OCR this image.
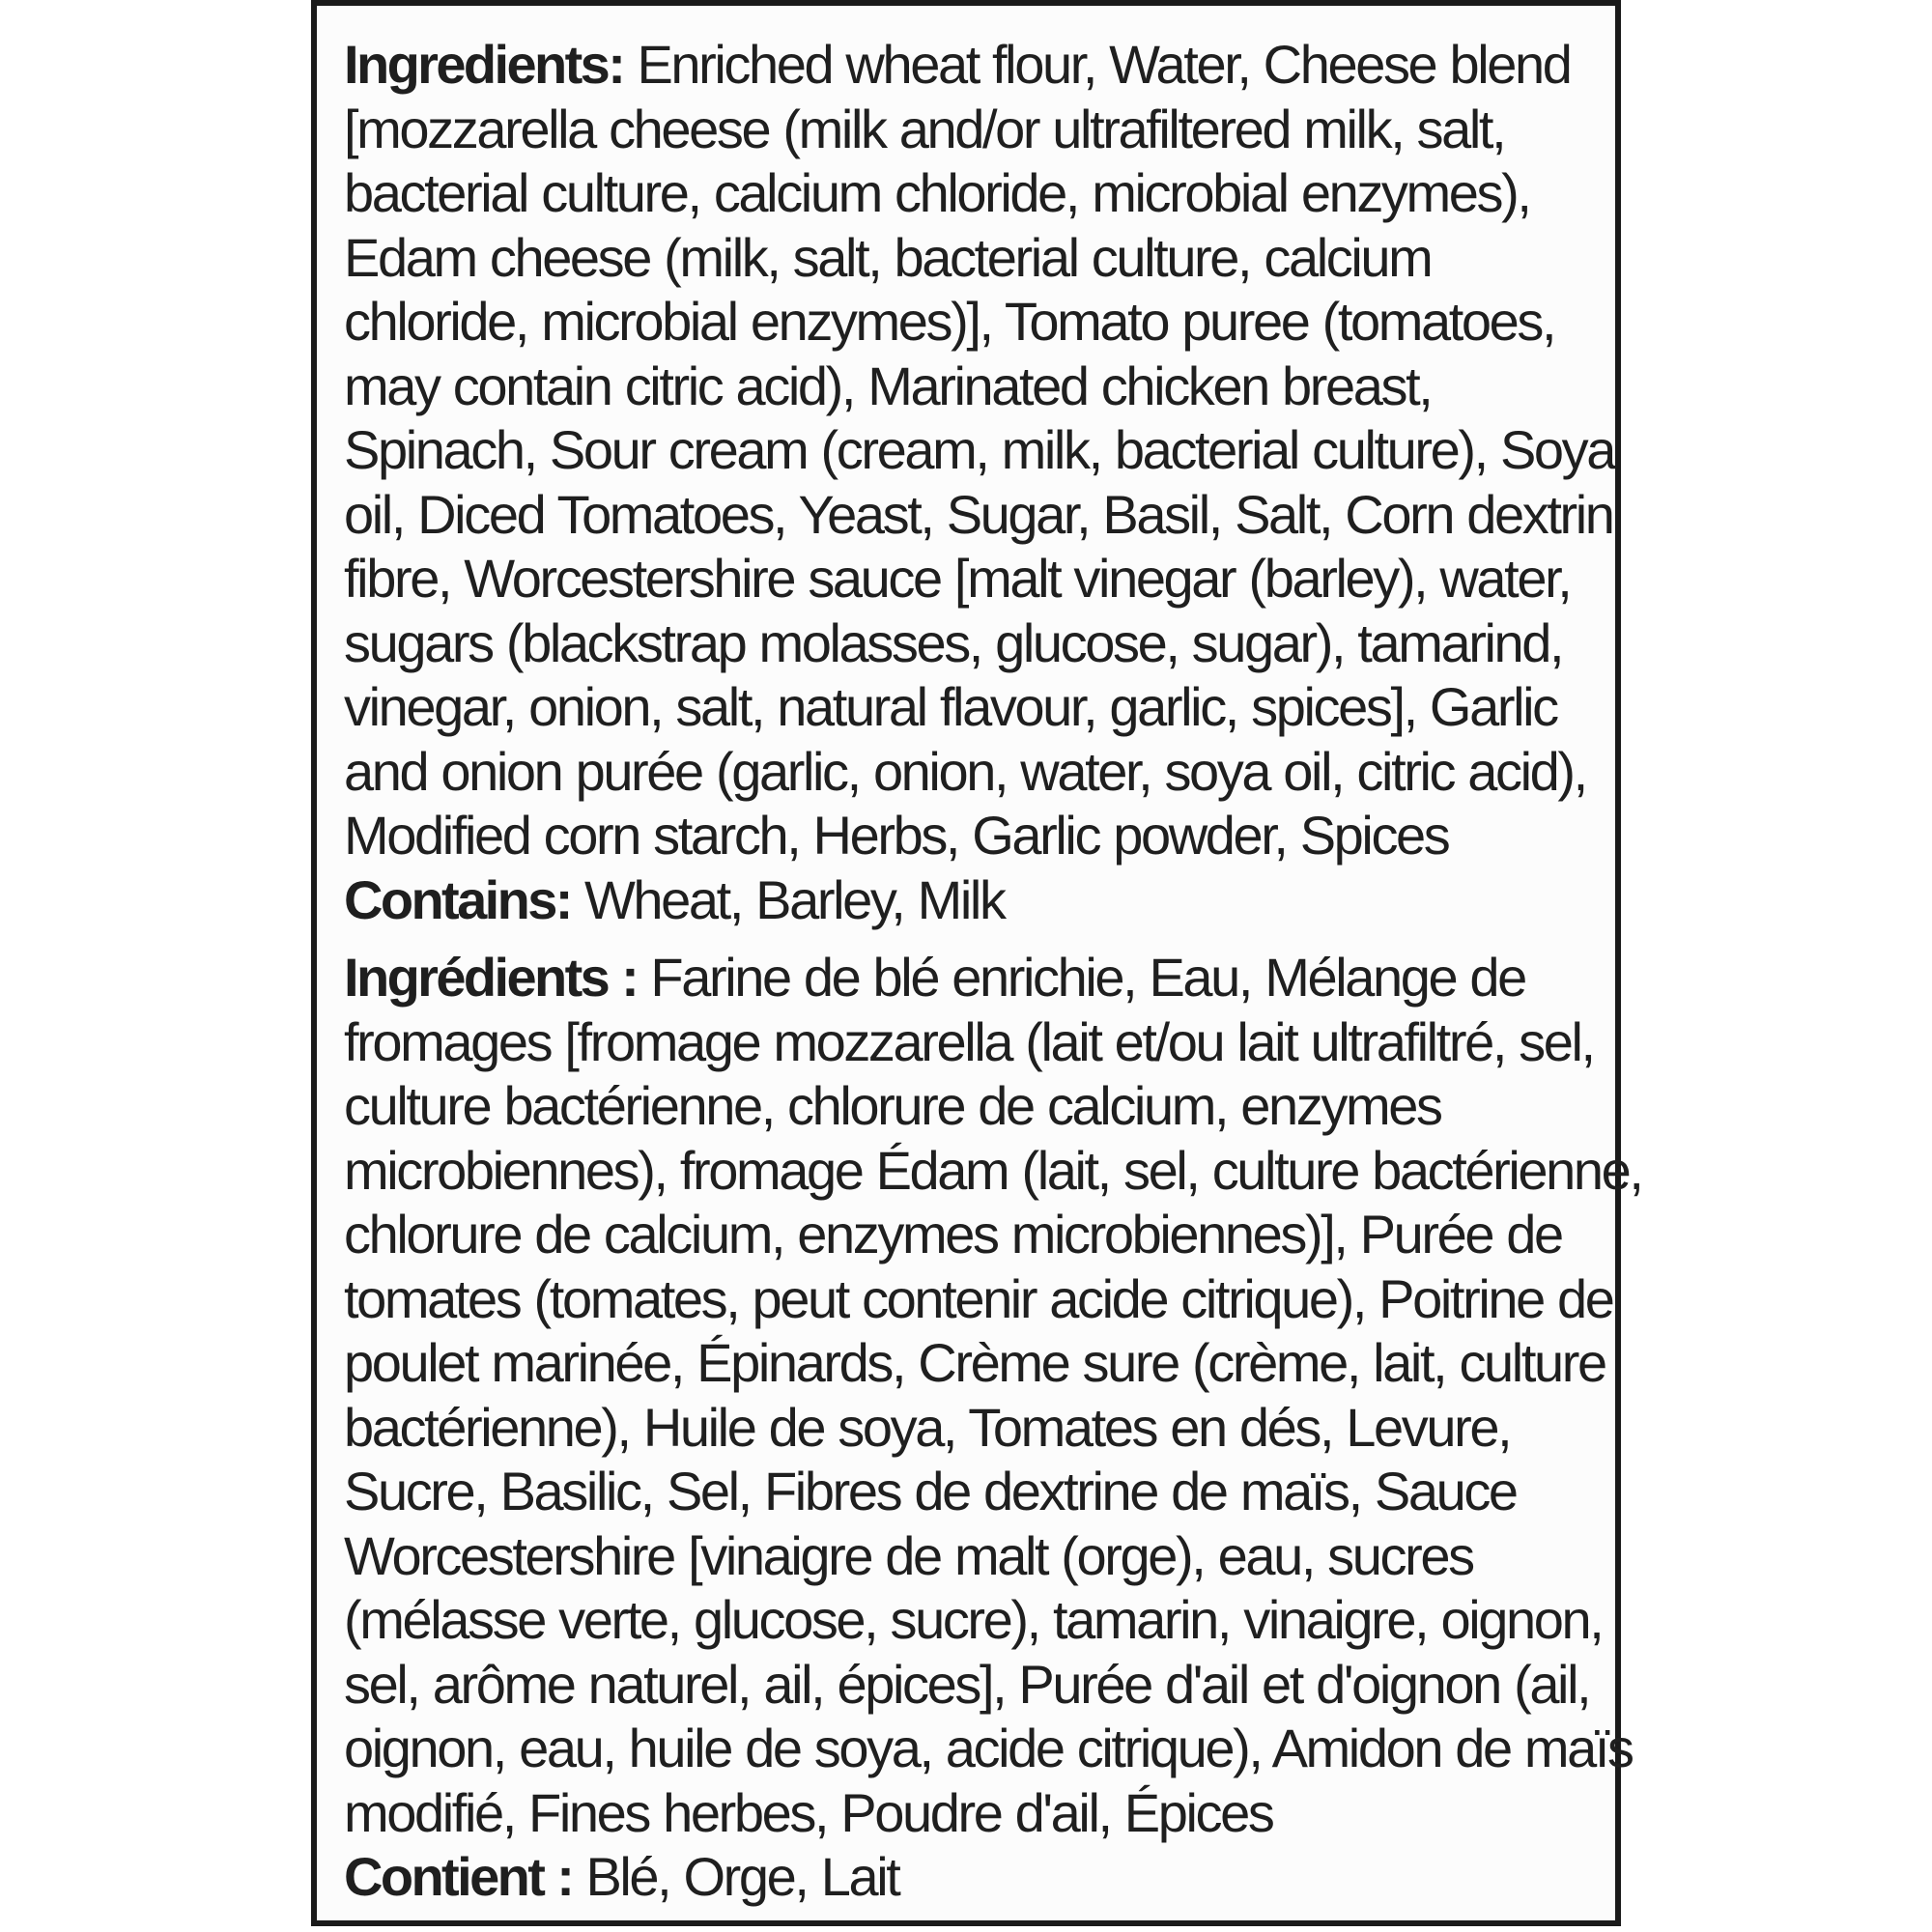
Ingredients: Enriched wheat flour, Water, Cheese blend
[mozzarella cheese (milk and/or ultrafiltered milk, salt,
bacterial culture, calcium chloride, microbial enzymes),
Edam cheese (milk, salt, bacterial culture, calcium
chloride, microbial enzymes)], Tomato puree (tomatoes,
may contain citric acid), Marinated chicken breast,
Spinach, Sour cream (cream, milk, bacterial culture), Soya
oil, Diced Tomatoes, Yeast, Sugar, Basil, Salt, Corn dextrin
fibre, Worcestershire sauce [malt vinegar (barley), water,
sugars (blackstrap molasses, glucose, sugar), tamarind,
vinegar, onion, salt, natural flavour, garlic, spices], Garlic
and onion purée (garlic, onion, water, soya oil, citric acid),
Modified corn starch, Herbs, Garlic powder, Spices
Contains: Wheat, Barley, Milk
Ingrédients : Farine de blé enrichie, Eau, Mélange de
fromages [fromage mozzarella (lait et/ou lait ultrafiltré, sel,
culture bactérienne, chlorure de calcium, enzymes
microbiennes), fromage Édam (lait, sel, culture bactérienne,
chlorure de calcium, enzymes microbiennes)], Purée de
tomates (tomates, peut contenir acide citrique), Poitrine de
poulet marinée, Épinards, Crème sure (crème, lait, culture
bactérienne), Huile de soya, Tomates en dés, Levure,
Sucre, Basilic, Sel, Fibres de dextrine de maïs, Sauce
Worcestershire [vinaigre de malt (orge), eau, sucres
(mélasse verte, glucose, sucre), tamarin, vinaigre, oignon,
sel, arôme naturel, ail, épices], Purée d'ail et d'oignon (ail,
oignon, eau, huile de soya, acide citrique), Amidon de maïs
modifié, Fines herbes, Poudre d'ail, Épices
Contient : Blé, Orge, Lait
